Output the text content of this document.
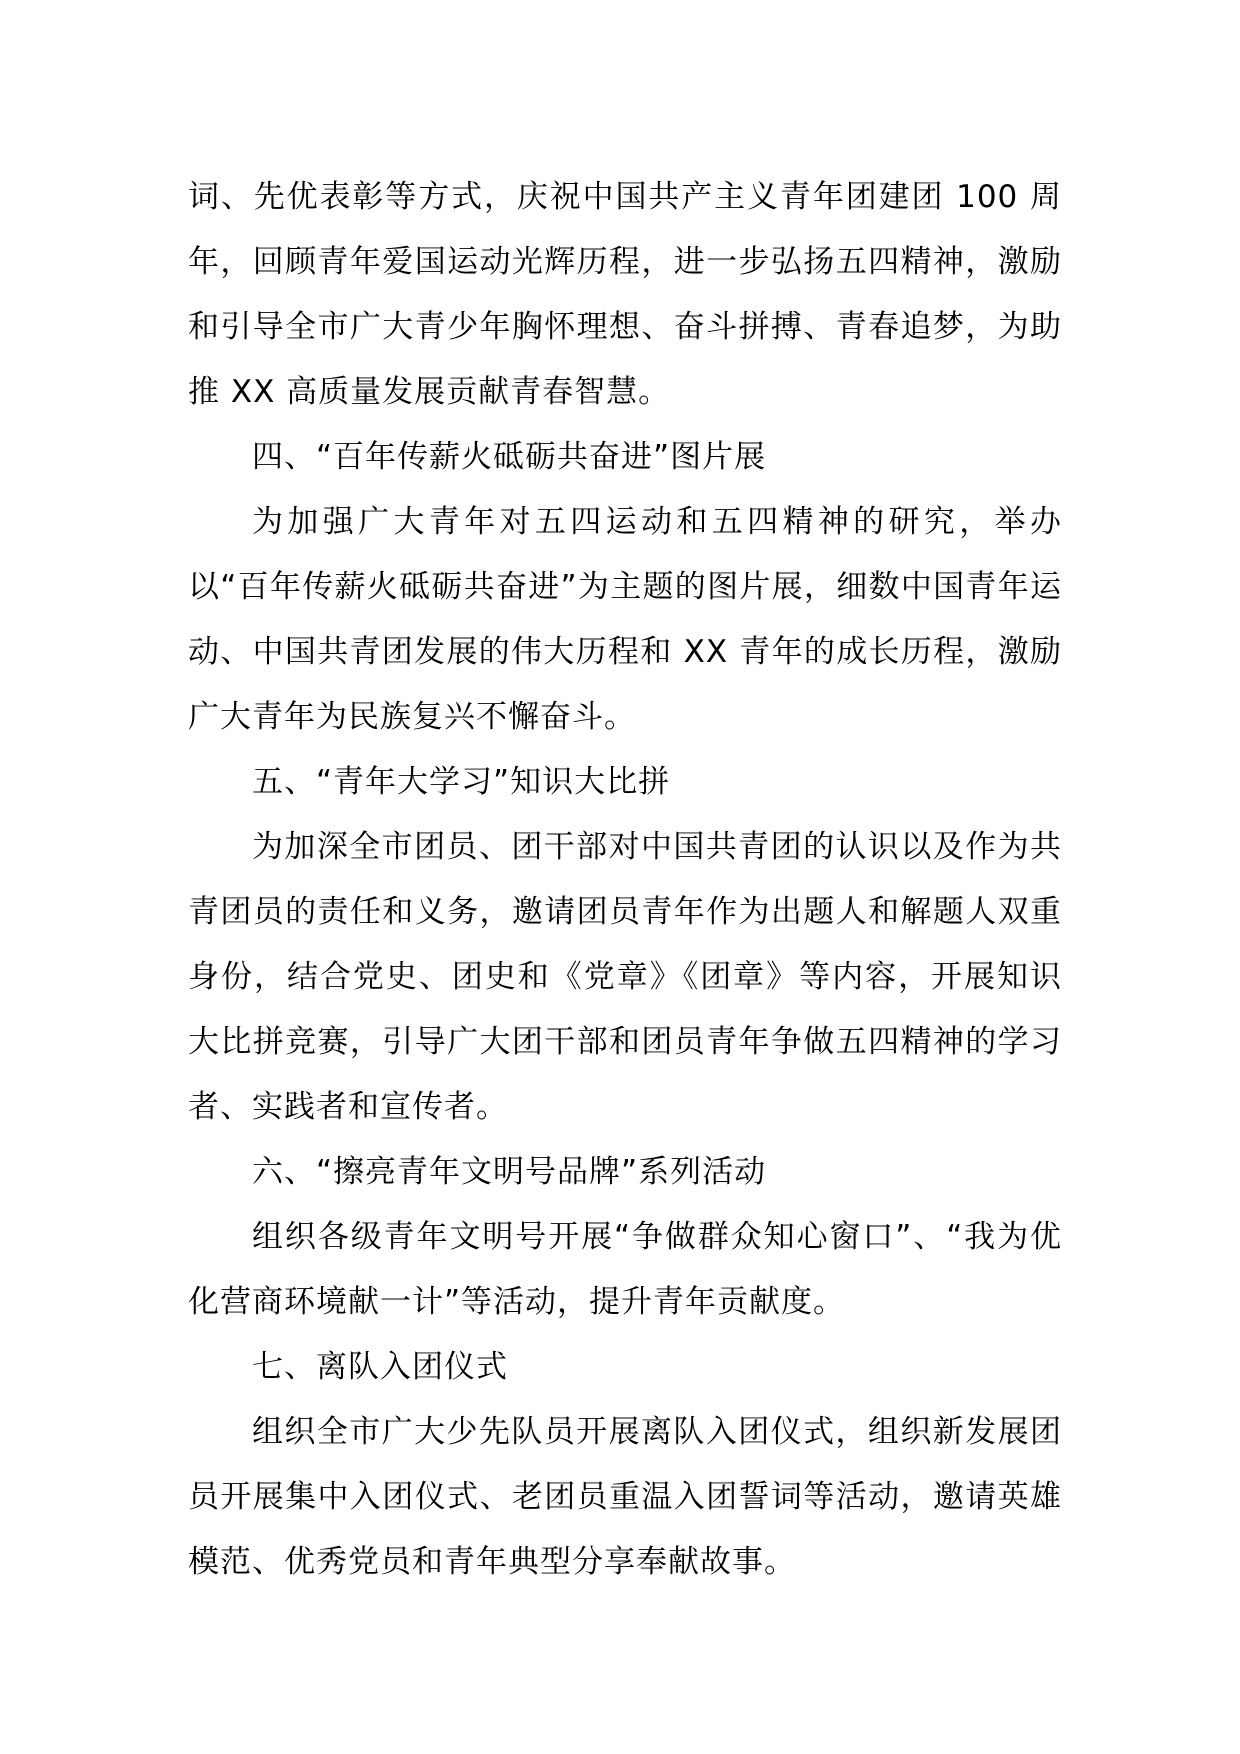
词、先优表彰等方式，庆祝中国共产主义青年团建团 100 周年，回顾青年爱国运动光辉历程，进一步弘扬五四精神，激励和引导全市广大青少年胸怀理想、奋斗拼搏、青春追梦，为助推 XX 高质量发展贡献青春智慧。

四、“百年传薪火砥砺共奋进”图片展

为加强广大青年对五四运动和五四精神的研究，举办以“百年传薪火砥砺共奋进”为主题的图片展，细数中国青年运动、中国共青团发展的伟大历程和 XX 青年的成长历程，激励广大青年为民族复兴不懈奋斗。

五、“青年大学习”知识大比拼

为加深全市团员、团干部对中国共青团的认识以及作为共青团员的责任和义务，邀请团员青年作为出题人和解题人双重身份，结合党史、团史和《党章》《团章》等内容，开展知识大比拼竞赛，引导广大团干部和团员青年争做五四精神的学习者、实践者和宣传者。

六、“擦亮青年文明号品牌”系列活动

组织各级青年文明号开展“争做群众知心窗口”、“我为优化营商环境献一计”等活动，提升青年贡献度。

七、离队入团仪式

组织全市广大少先队员开展离队入团仪式，组织新发展团员开展集中入团仪式、老团员重温入团誓词等活动，邀请英雄模范、优秀党员和青年典型分享奉献故事。
